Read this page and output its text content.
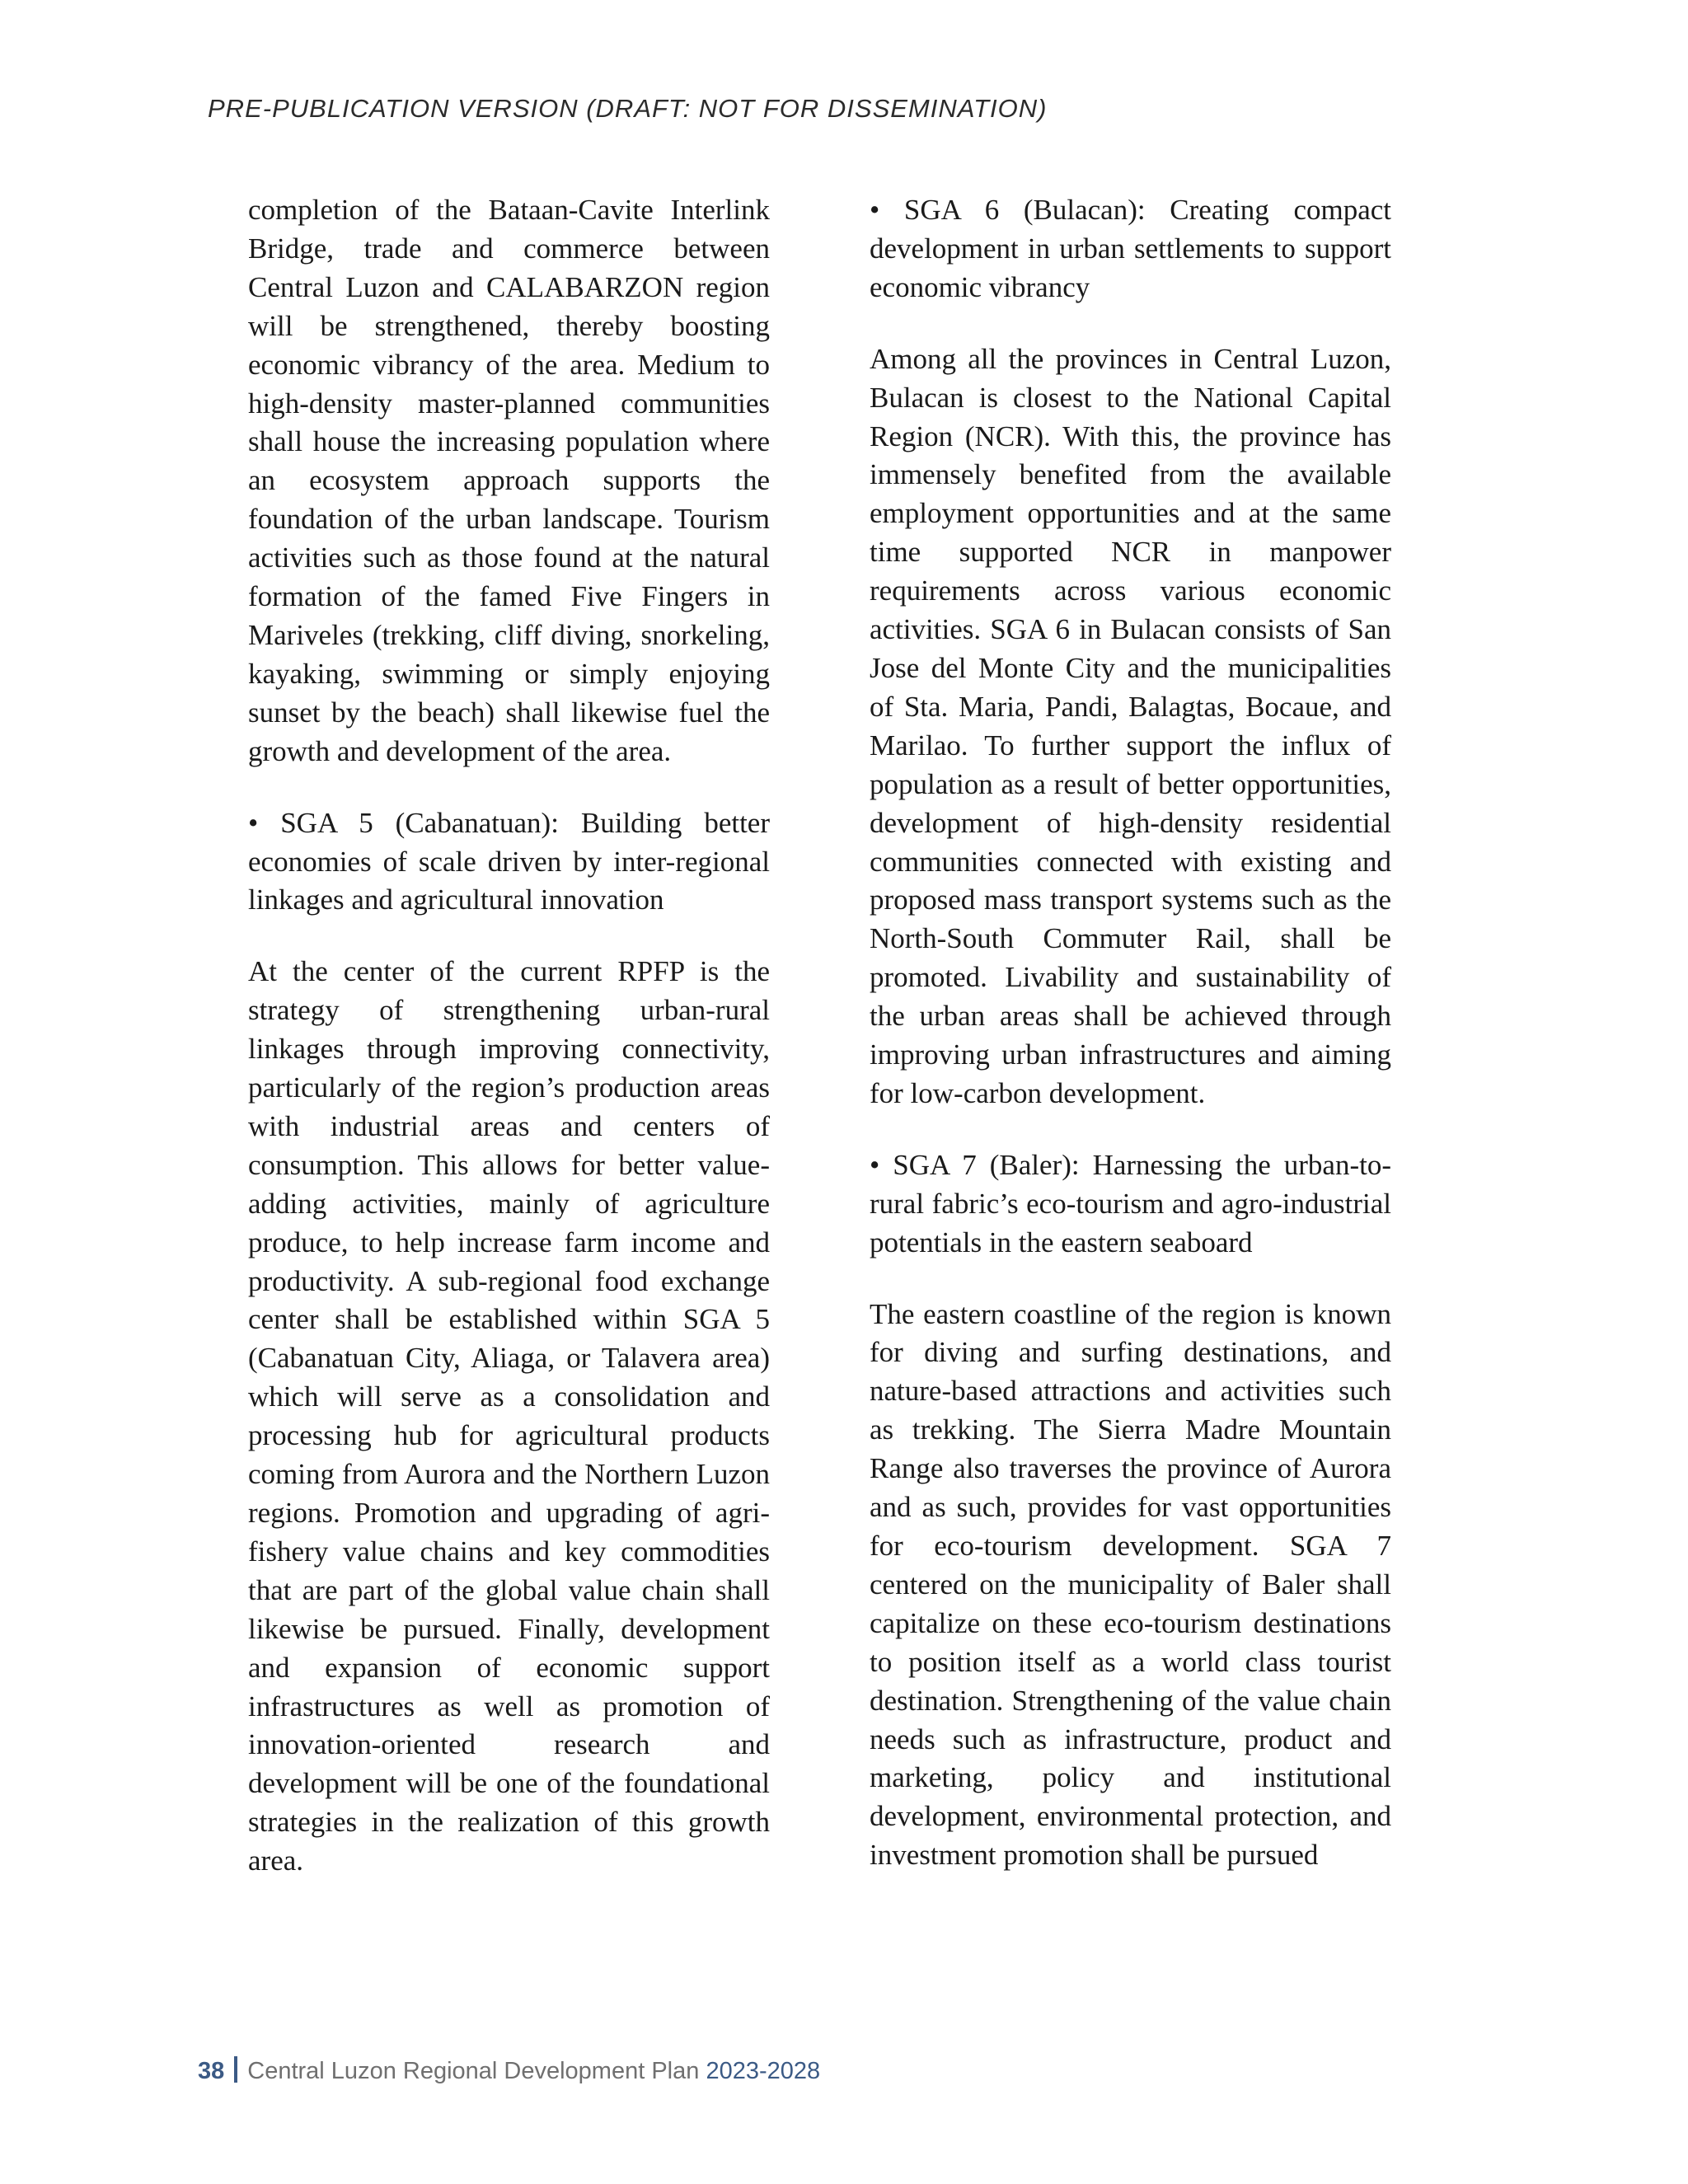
PRE-PUBLICATION VERSION (DRAFT: NOT FOR DISSEMINATION)

completion of the Bataan-Cavite Interlink Bridge, trade and commerce between Central Luzon and CALABARZON region will be strengthened, thereby boosting economic vibrancy of the area. Medium to high-density master-planned communities shall house the increasing population where an ecosystem approach supports the foundation of the urban landscape. Tourism activities such as those found at the natural formation of the famed Five Fingers in Mariveles (trekking, cliff diving, snorkeling, kayaking, swimming or simply enjoying sunset by the beach) shall likewise fuel the growth and development of the area.

• SGA 5 (Cabanatuan): Building better economies of scale driven by inter-regional linkages and agricultural innovation

At the center of the current RPFP is the strategy of strengthening urban-rural linkages through improving connectivity, particularly of the region’s production areas with industrial areas and centers of consumption. This allows for better value-adding activities, mainly of agriculture produce, to help increase farm income and productivity. A sub-regional food exchange center shall be established within SGA 5 (Cabanatuan City, Aliaga, or Talavera area) which will serve as a consolidation and processing hub for agricultural products coming from Aurora and the Northern Luzon regions. Promotion and upgrading of agri-fishery value chains and key commodities that are part of the global value chain shall likewise be pursued. Finally, development and expansion of economic support infrastructures as well as promotion of innovation-oriented research and development will be one of the foundational strategies in the realization of this growth area.

• SGA 6 (Bulacan): Creating compact development in urban settlements to support economic vibrancy

Among all the provinces in Central Luzon, Bulacan is closest to the National Capital Region (NCR). With this, the province has immensely benefited from the available employment opportunities and at the same time supported NCR in manpower requirements across various economic activities. SGA 6 in Bulacan consists of San Jose del Monte City and the municipalities of Sta. Maria, Pandi, Balagtas, Bocaue, and Marilao. To further support the influx of population as a result of better opportunities, development of high-density residential communities connected with existing and proposed mass transport systems such as the North-South Commuter Rail, shall be promoted. Livability and sustainability of the urban areas shall be achieved through improving urban infrastructures and aiming for low-carbon development.

• SGA 7 (Baler): Harnessing the urban-to-rural fabric’s eco-tourism and agro-industrial potentials in the eastern seaboard

The eastern coastline of the region is known for diving and surfing destinations, and nature-based attractions and activities such as trekking. The Sierra Madre Mountain Range also traverses the province of Aurora and as such, provides for vast opportunities for eco-tourism development. SGA 7 centered on the municipality of Baler shall capitalize on these eco-tourism destinations to position itself as a world class tourist destination. Strengthening of the value chain needs such as infrastructure, product and marketing, policy and institutional development, environmental protection, and investment promotion shall be pursued

38 Central Luzon Regional Development Plan 2023-2028
